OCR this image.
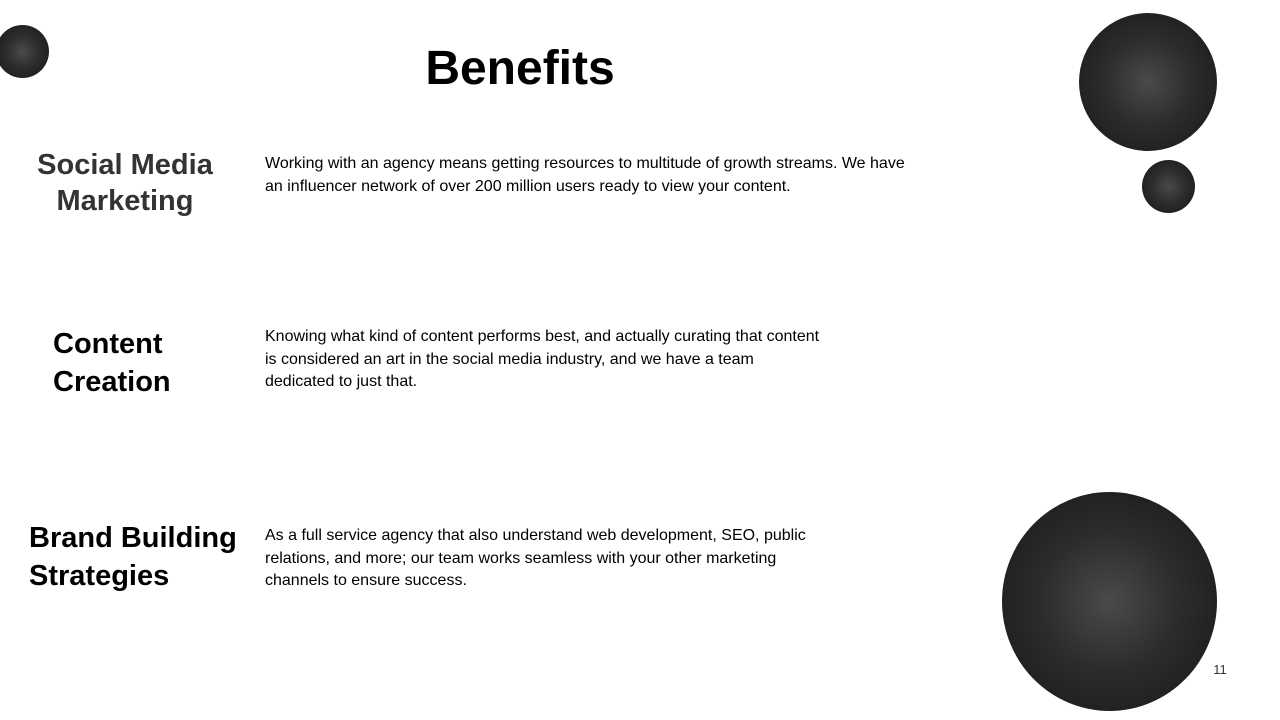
Benefits
Social Media Marketing

Working with an agency means getting resources to multitude of growth streams. We have an influencer network of over 200 million users ready to view your content.

Content Creation

Knowing what kind of content performs best, and actually curating that content is considered an art in the social media industry, and we have a team dedicated to just that.

Brand Building Strategies

As a full service agency that also understand web development, SEO, public relations, and more; our team works seamless with your other marketing channels to ensure success.

11
